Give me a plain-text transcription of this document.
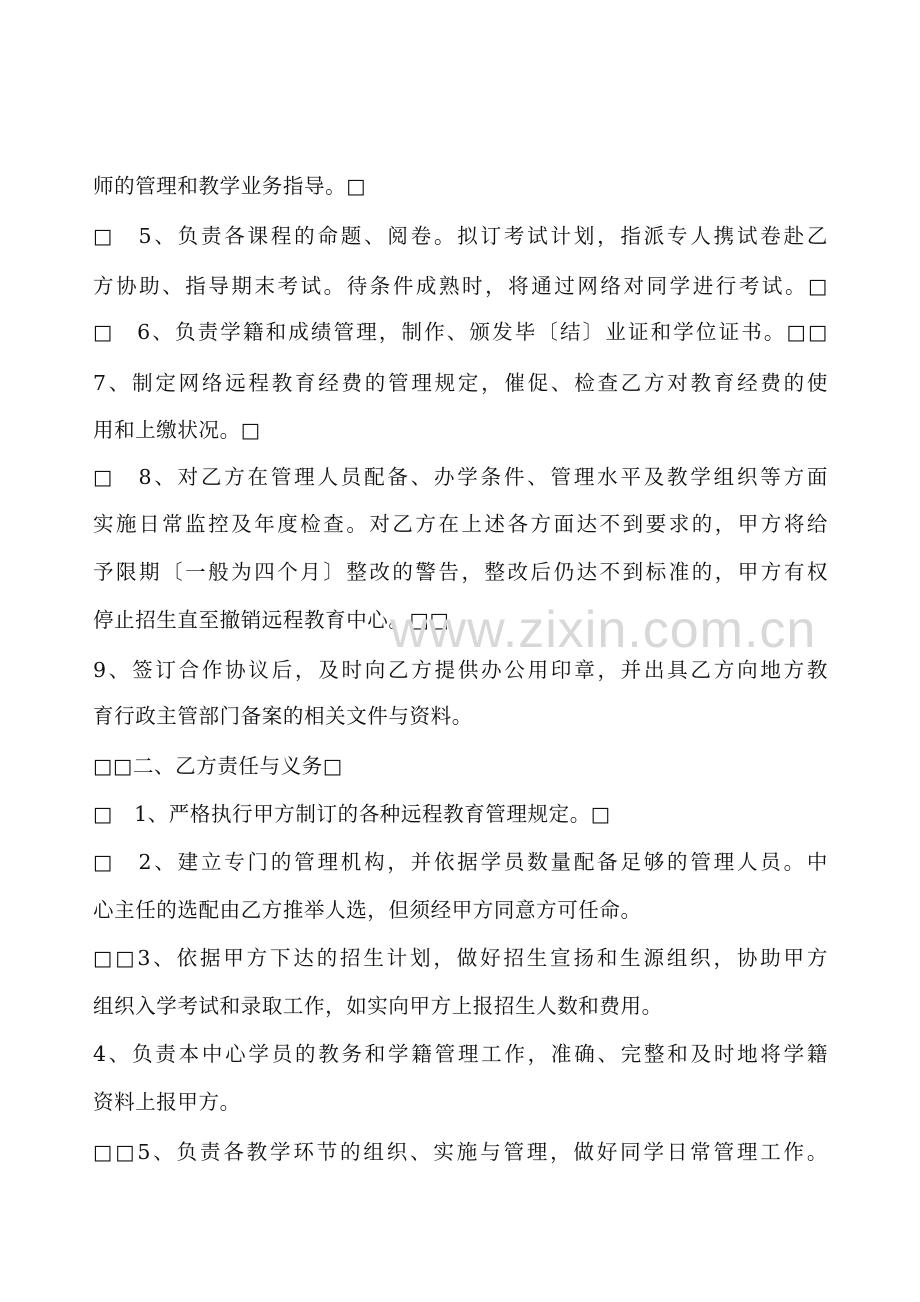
师的管理和教学业务指导。□
□　5、负责各课程的命题、阅卷。拟订考试计划，指派专人携试卷赴乙
方协助、指导期末考试。待条件成熟时，将通过网络对同学进行考试。□
□　6、负责学籍和成绩管理，制作、颁发毕〔结〕业证和学位证书。□□
7、制定网络远程教育经费的管理规定，催促、检查乙方对教育经费的使
用和上缴状况。□
□　8、对乙方在管理人员配备、办学条件、管理水平及教学组织等方面
实施日常监控及年度检查。对乙方在上述各方面达不到要求的，甲方将给
予限期〔一般为四个月〕整改的警告，整改后仍达不到标准的，甲方有权
停止招生直至撤销远程教育中心。□□
9、签订合作协议后，及时向乙方提供办公用印章，并出具乙方向地方教
育行政主管部门备案的相关文件与资料。
□□二、乙方责任与义务□
□　1、严格执行甲方制订的各种远程教育管理规定。□
□　2、建立专门的管理机构，并依据学员数量配备足够的管理人员。中
心主任的选配由乙方推举人选，但须经甲方同意方可任命。
□□3、依据甲方下达的招生计划，做好招生宣扬和生源组织，协助甲方
组织入学考试和录取工作，如实向甲方上报招生人数和费用。
4、负责本中心学员的教务和学籍管理工作，准确、完整和及时地将学籍
资料上报甲方。
□□5、负责各教学环节的组织、实施与管理，做好同学日常管理工作。
www.zixin.com.cn
